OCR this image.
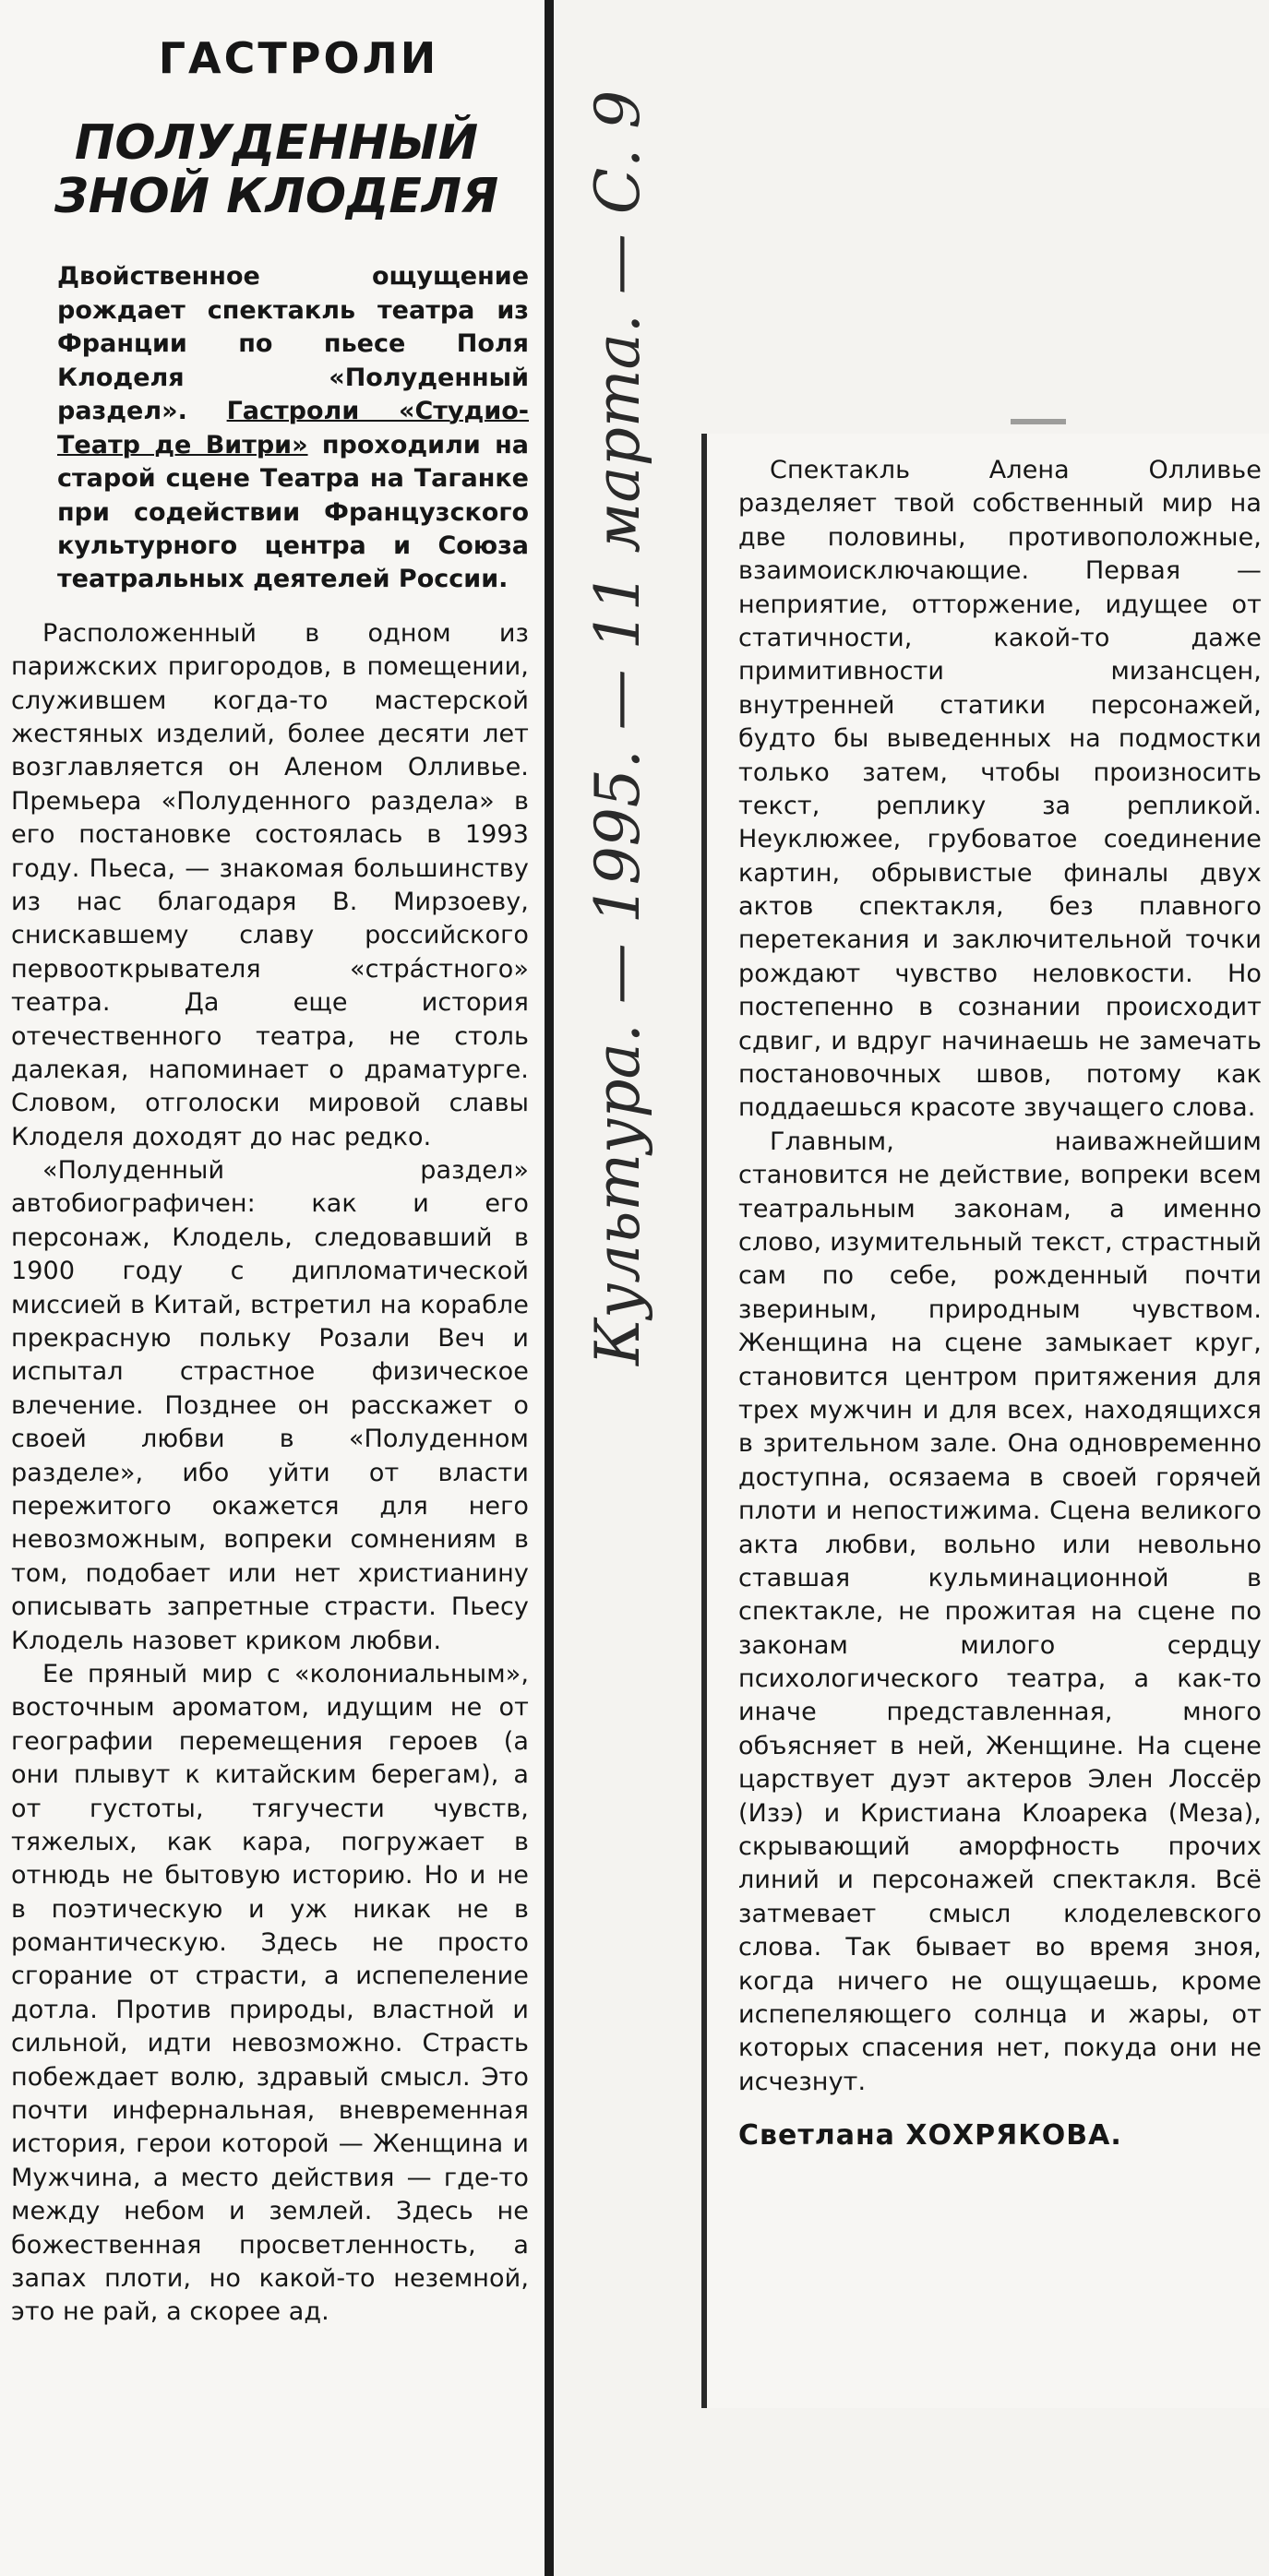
ГАСТРОЛИ
ПОЛУДЕННЫЙ ЗНОЙ КЛОДЕЛЯ
Двойственное ощущение рождает спектакль театра из Франции по пьесе Поля Клоделя «Полуденный раздел». Гастроли «Студио-Театр де Витри» проходили на старой сцене Театра на Таганке при содействии Французского культурного центра и Союза театральных деятелей России.

Расположенный в одном из парижских пригородов, в помещении, служившем когда-то мастерской жестяных изделий, более десяти лет возглавляется он Аленом Олливье. Премьера «Полуденного раздела» в его постановке состоялась в 1993 году. Пьеса, — знакомая большинству из нас благодаря В. Мирзоеву, снискавшему славу российского первооткрывателя «стра́стного» театра. Да еще история отечественного театра, не столь далекая, напоминает о драматурге. Словом, отголоски мировой славы Клоделя доходят до нас редко.

«Полуденный раздел» автобиографичен: как и его персонаж, Клодель, следовавший в 1900 году с дипломатической миссией в Китай, встретил на корабле прекрасную польку Розали Веч и испытал страстное физическое влечение. Позднее он расскажет о своей любви в «Полуденном разделе», ибо уйти от власти пережитого окажется для него невозможным, вопреки сомнениям в том, подобает или нет христианину описывать запретные страсти. Пьесу Клодель назовет криком любви.

Ее пряный мир с «колониальным», восточным ароматом, идущим не от географии перемещения героев (а они плывут к китайским берегам), а от густоты, тягучести чувств, тяжелых, как кара, погружает в отнюдь не бытовую историю. Но и не в поэтическую и уж никак не в романтическую. Здесь не просто сгорание от страсти, а испепеление дотла. Против природы, властной и сильной, идти невозможно. Страсть побеждает волю, здравый смысл. Это почти инфернальная, вневременная история, герои которой — Женщина и Мужчина, а место действия — где-то между небом и землей. Здесь не божественная просветленность, а запах плоти, но какой-то неземной, это не рай, а скорее ад.

Культура. — 1995. — 11 марта. — С. 9	Спектакль Алена Олливье разделяет твой собственный мир на две половины, противоположные, взаимоисключающие. Первая — неприятие, отторжение, идущее от статичности, какой-то даже примитивности мизансцен, внутренней статики персонажей, будто бы выведенных на подмостки только затем, чтобы произносить текст, реплику за репликой. Неуклюжее, грубоватое соединение картин, обрывистые финалы двух актов спектакля, без плавного перетекания и заключительной точки рождают чувство неловкости. Но постепенно в сознании происходит сдвиг, и вдруг начинаешь не замечать постановочных швов, потому как поддаешься красоте звучащего слова.

Главным, наиважнейшим становится не действие, вопреки всем театральным законам, а именно слово, изумительный текст, страстный сам по себе, рожденный почти звериным, природным чувством. Женщина на сцене замыкает круг, становится центром притяжения для трех мужчин и для всех, находящихся в зрительном зале. Она одновременно доступна, осязаема в своей горячей плоти и непостижима. Сцена великого акта любви, вольно или невольно ставшая кульминационной в спектакле, не прожитая на сцене по законам милого сердцу психологического театра, а как-то иначе представленная, много объясняет в ней, Женщине. На сцене царствует дуэт актеров Элен Лоссёр (Изэ) и Кристиана Клоарека (Меза), скрывающий аморфность прочих линий и персонажей спектакля. Всё затмевает смысл клоделевского слова. Так бывает во время зноя, когда ничего не ощущаешь, кроме испепеляющего солнца и жары, от которых спасения нет, покуда они не исчезнут.

Светлана ХОХРЯКОВА.
